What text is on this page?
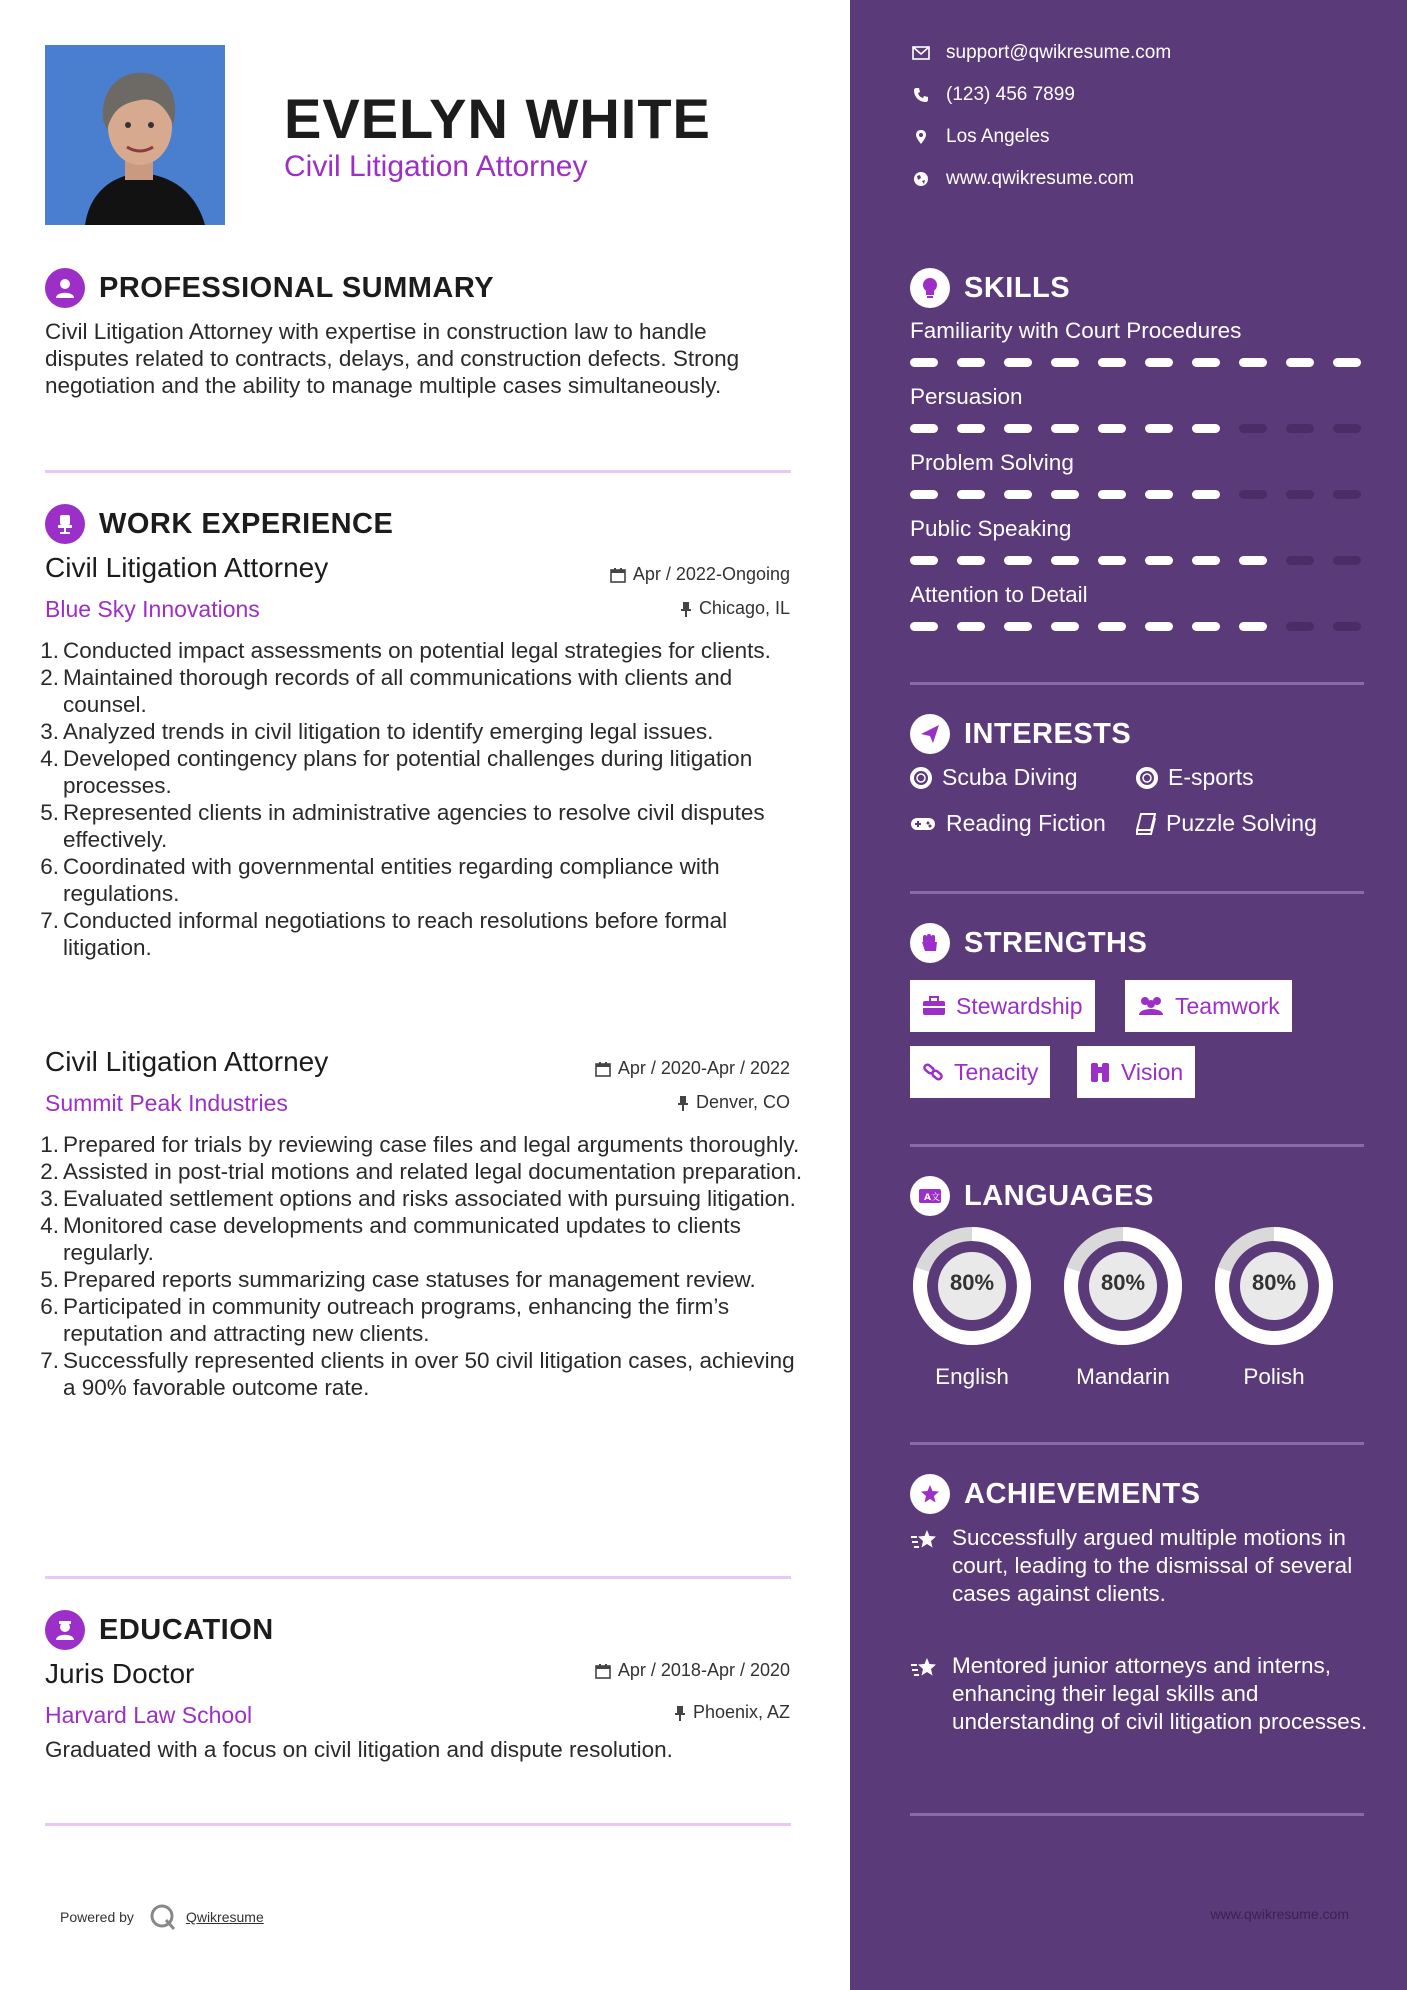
EVELYN WHITE
Civil Litigation Attorney
PROFESSIONAL SUMMARY
Civil Litigation Attorney with expertise in construction law to handle disputes related to contracts, delays, and construction defects. Strong negotiation and the ability to manage multiple cases simultaneously.
WORK EXPERIENCE
Civil Litigation Attorney	Apr / 2022-Ongoing
Blue Sky Innovations	Chicago, IL
1. Conducted impact assessments on potential legal strategies for clients.
2. Maintained thorough records of all communications with clients and counsel.
3. Analyzed trends in civil litigation to identify emerging legal issues.
4. Developed contingency plans for potential challenges during litigation processes.
5. Represented clients in administrative agencies to resolve civil disputes effectively.
6. Coordinated with governmental entities regarding compliance with regulations.
7. Conducted informal negotiations to reach resolutions before formal litigation.
Civil Litigation Attorney	Apr / 2020-Apr / 2022
Summit Peak Industries	Denver, CO
1. Prepared for trials by reviewing case files and legal arguments thoroughly.
2. Assisted in post-trial motions and related legal documentation preparation.
3. Evaluated settlement options and risks associated with pursuing litigation.
4. Monitored case developments and communicated updates to clients regularly.
5. Prepared reports summarizing case statuses for management review.
6. Participated in community outreach programs, enhancing the firm’s reputation and attracting new clients.
7. Successfully represented clients in over 50 civil litigation cases, achieving a 90% favorable outcome rate.
EDUCATION
Juris Doctor	Apr / 2018-Apr / 2020
Harvard Law School	Phoenix, AZ
Graduated with a focus on civil litigation and dispute resolution.
Powered by	Qwikresume
support@qwikresume.com
(123) 456 7899
Los Angeles
www.qwikresume.com
SKILLS
Familiarity with Court Procedures
Persuasion
Problem Solving
Public Speaking
Attention to Detail
INTERESTS
Scuba Diving	E-sports
Reading Fiction	Puzzle Solving
STRENGTHS
Stewardship	Teamwork
Tenacity	Vision
A 文 LANGUAGES
80%
English
80%
Mandarin
80%
Polish
ACHIEVEMENTS
Successfully argued multiple motions in court, leading to the dismissal of several cases against clients.
Mentored junior attorneys and interns, enhancing their legal skills and understanding of civil litigation processes.
www.qwikresume.com
